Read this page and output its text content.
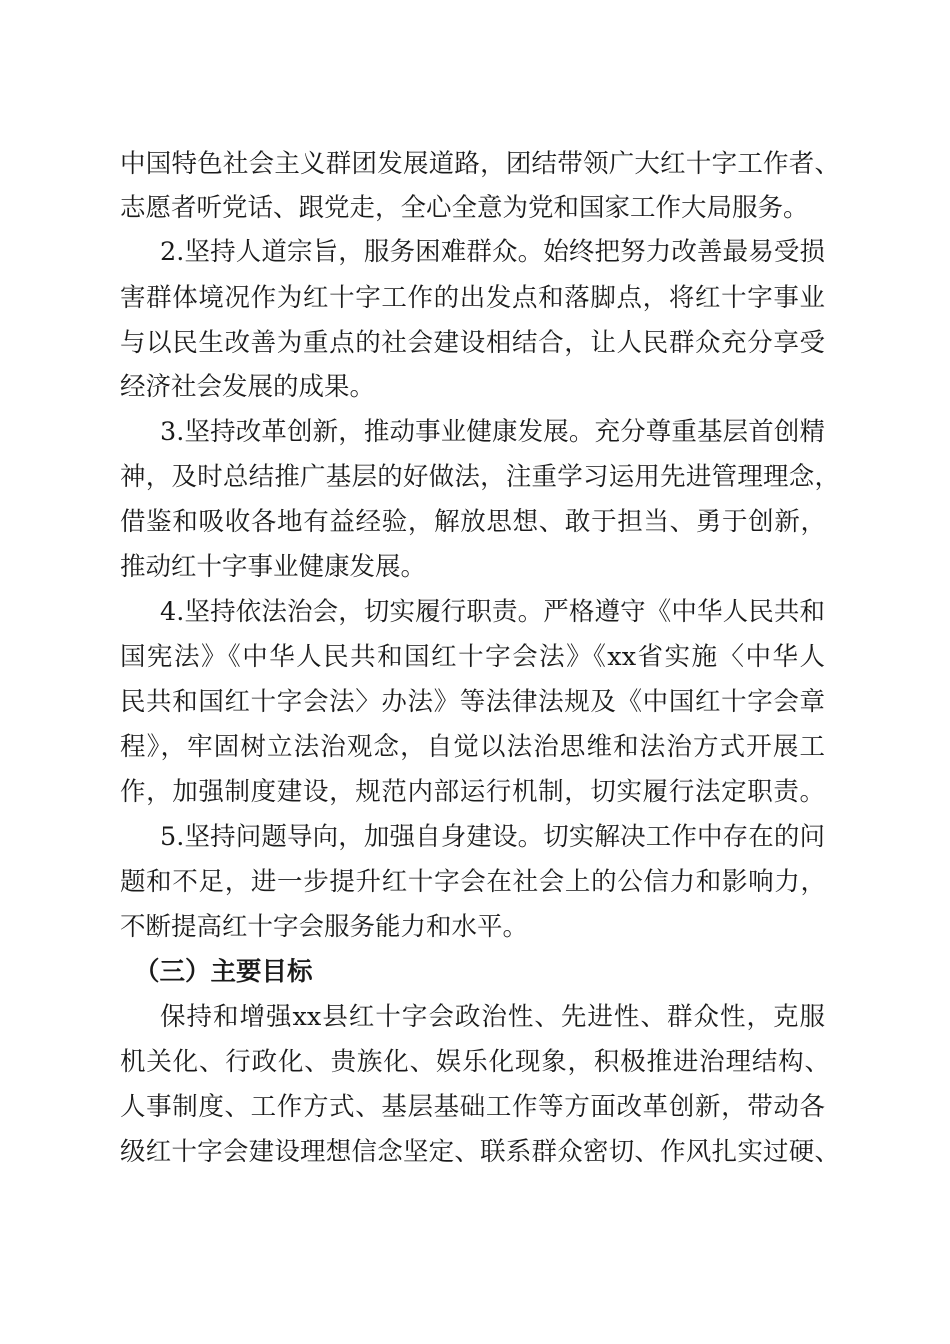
中国特色社会主义群团发展道路，团结带领广大红十字工作者、
志愿者听党话、跟党走，全心全意为党和国家工作大局服务。
2.坚持人道宗旨，服务困难群众。始终把努力改善最易受损
害群体境况作为红十字工作的出发点和落脚点，将红十字事业
与以民生改善为重点的社会建设相结合，让人民群众充分享受
经济社会发展的成果。
3.坚持改革创新，推动事业健康发展。充分尊重基层首创精
神，及时总结推广基层的好做法，注重学习运用先进管理理念，
借鉴和吸收各地有益经验，解放思想、敢于担当、勇于创新，
推动红十字事业健康发展。
4.坚持依法治会，切实履行职责。严格遵守《中华人民共和
国宪法》《中华人民共和国红十字会法》《xx省实施〈中华人
民共和国红十字会法〉办法》等法律法规及《中国红十字会章
程》，牢固树立法治观念，自觉以法治思维和法治方式开展工
作，加强制度建设，规范内部运行机制，切实履行法定职责。
5.坚持问题导向，加强自身建设。切实解决工作中存在的问
题和不足，进一步提升红十字会在社会上的公信力和影响力，
不断提高红十字会服务能力和水平。
（三）主要目标
保持和增强xx县红十字会政治性、先进性、群众性，克服
机关化、行政化、贵族化、娱乐化现象，积极推进治理结构、
人事制度、工作方式、基层基础工作等方面改革创新，带动各
级红十字会建设理想信念坚定、联系群众密切、作风扎实过硬、
